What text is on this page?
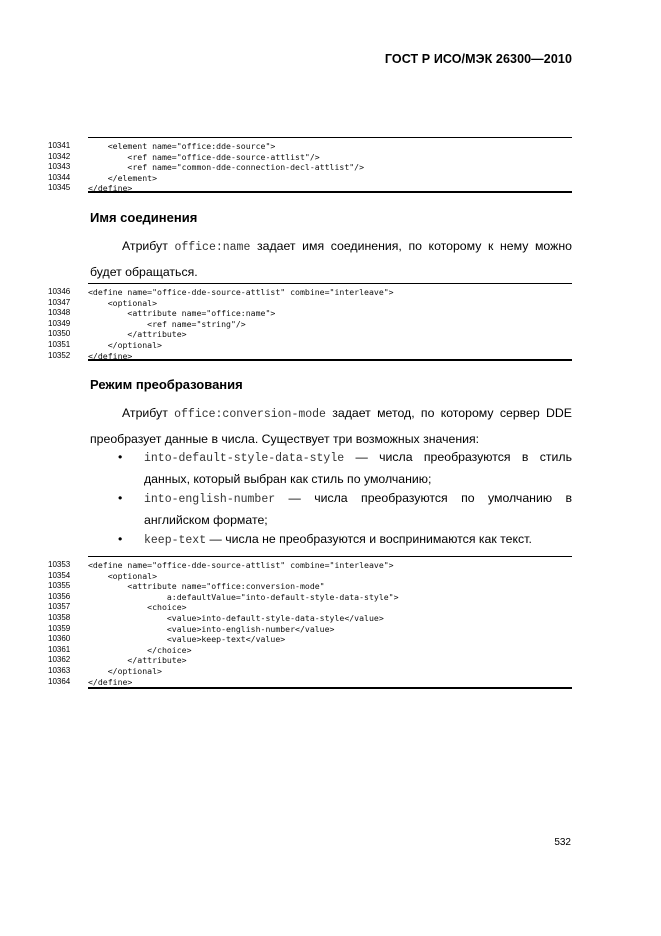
ГОСТ Р ИСО/МЭК 26300—2010
10341	<element name="office:dde-source">
10342	<ref name="office-dde-source-attlist"/>
10343	<ref name="common-dde-connection-decl-attlist"/>
10344	</element>
10345	</define>
Имя соединения
Атрибут office:name задает имя соединения, по которому к нему можно
будет обращаться.
10346	<define name="office-dde-source-attlist" combine="interleave">
10347	<optional>
10348	<attribute name="office:name">
10349	<ref name="string"/>
10350	</attribute>
10351	</optional>
10352	</define>
Режим преобразования
Атрибут office:conversion-mode задает метод, по которому сервер DDE
преобразует данные в числа. Существует три возможных значения:
• into-default-style-data-style — числа преобразуются в стиль
данных, который выбран как стиль по умолчанию;
• into-english-number — числа преобразуются по умолчанию в
английском формате;
• keep-text — числа не преобразуются и воспринимаются как текст.
10353	<define name="office-dde-source-attlist" combine="interleave">
10354	<optional>
10355	<attribute name="office:conversion-mode"
10356	a:defaultValue="into-default-style-data-style">
10357	<choice>
10358	<value>into-default-style-data-style</value>
10359	<value>into-english-number</value>
10360	<value>keep-text</value>
10361	</choice>
10362	</attribute>
10363	</optional>
10364	</define>
532
